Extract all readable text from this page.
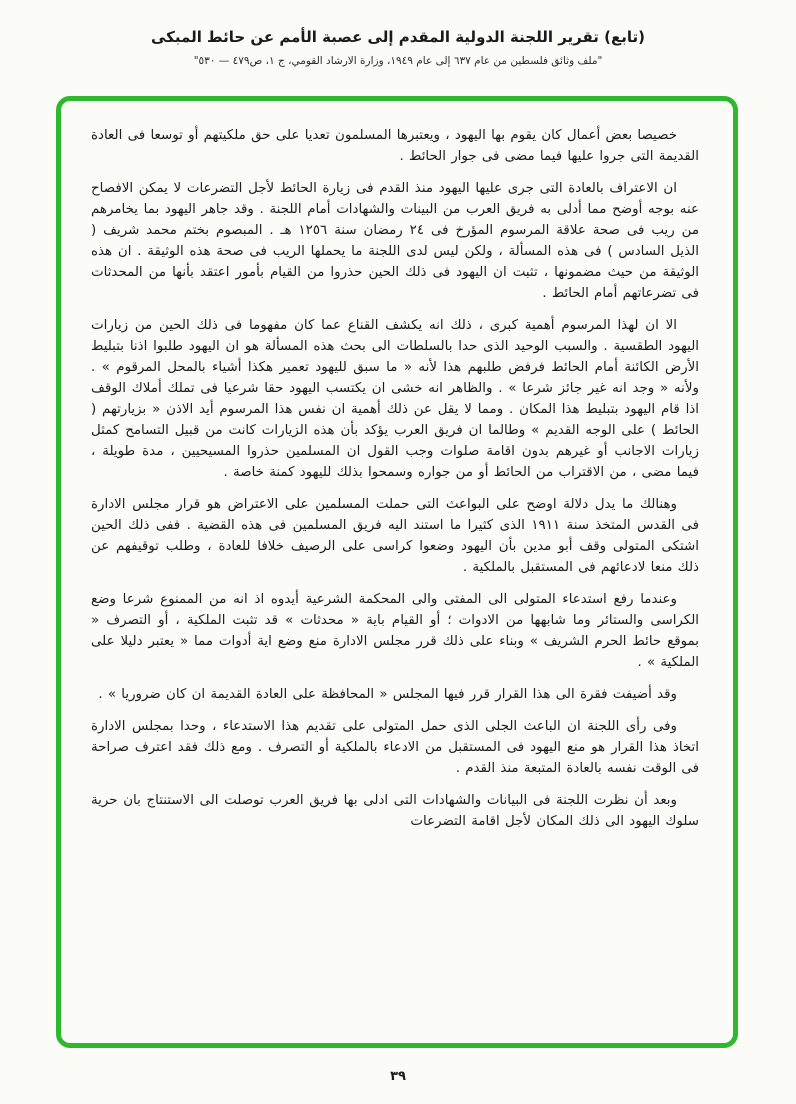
(تابع) تقرير اللجنة الدولية المقدم إلى عصبة الأمم عن حائط المبكى
"ملف وثائق فلسطين من عام ٦٣٧ إلى عام ١٩٤٩، وزارة الارشاد القومي، ج ١، ص٤٧٩ — ٥٣٠"

خصيصا بعض أعمال كان يقوم بها اليهود ، ويعتبرها المسلمون تعديا على حق ملكيتهم أو توسعا فى العادة القديمة التى جروا عليها فيما مضى فى جوار الحائط .

ان الاعتراف بالعادة التى جرى عليها اليهود منذ القدم فى زيارة الحائط لأجل التضرعات لا يمكن الافصاح عنه بوجه أوضح مما أدلى به فريق العرب من البينات والشهادات أمام اللجنة . وقد جاهر اليهود بما يخامرهم من ريب فى صحة علاقة المرسوم المؤرخ فى ٢٤ رمضان سنة ١٢٥٦ هـ . المبصوم بختم محمد شريف ( الذيل السادس ) فى هذه المسألة ، ولكن ليس لدى اللجنة ما يحملها الريب فى صحة هذه الوثيقة . ان هذه الوثيقة من حيث مضمونها ، تثبت ان اليهود فى ذلك الحين حذروا من القيام بأمور اعتقد بأنها من المحدثات فى تضرعاتهم أمام الحائط .

الا ان لهذا المرسوم أهمية كبرى ، ذلك انه يكشف القناع عما كان مفهوما فى ذلك الحين من زيارات اليهود الطقسية . والسبب الوحيد الذى حدا بالسلطات الى بحث هذه المسألة هو ان اليهود طلبوا اذنا بتبليط الأرض الكائنة أمام الحائط فرفض طلبهم هذا لأنه « ما سبق لليهود تعمير هكذا أشياء بالمحل المرقوم » . ولأنه « وجد انه غير جائز شرعا » . والظاهر انه خشى ان يكتسب اليهود حقا شرعيا فى تملك أملاك الوقف اذا قام اليهود بتبليط هذا المكان . ومما لا يقل عن ذلك أهمية ان نفس هذا المرسوم أيد الاذن « بزيارتهم ( الحائط ) على الوجه القديم » وطالما ان فريق العرب يؤكد بأن هذه الزيارات كانت من قبيل التسامح كمثل زيارات الاجانب أو غيرهم بدون اقامة صلوات وجب القول ان المسلمين حذروا المسيحيين ، مدة طويلة ، فيما مضى ، من الاقتراب من الحائط أو من جواره وسمحوا بذلك لليهود كمنة خاصة .

وهنالك ما يدل دلالة اوضح على البواعث التى حملت المسلمين على الاعتراض هو قرار مجلس الادارة فى القدس المتخذ سنة ١٩١١ الذى كثيرا ما استند اليه فريق المسلمين فى هذه القضية . ففى ذلك الحين اشتكى المتولى وقف أبو مدين بأن اليهود وضعوا كراسى على الرصيف خلافا للعادة ، وطلب توقيفهم عن ذلك منعا لادعائهم فى المستقبل بالملكية .

وعندما رفع استدعاء المتولى الى المفتى والى المحكمة الشرعية أيدوه اذ انه من الممنوع شرعا وضع الكراسى والستائر وما شابهها من الادوات ؛ أو القيام باية « محدثات » قد تثبت الملكية ، أو التصرف « بموقع حائط الحرم الشريف » وبناء على ذلك قرر مجلس الادارة منع وضع اية أدوات مما « يعتبر دليلا على الملكية » .

وقد أضيفت فقرة الى هذا القرار قرر فيها المجلس « المحافظة على العادة القديمة ان كان ضروريا » .

وفى رأى اللجنة ان الباعث الجلى الذى حمل المتولى على تقديم هذا الاستدعاء ، وحدا بمجلس الادارة اتخاذ هذا القرار هو منع اليهود فى المستقبل من الادعاء بالملكية أو التصرف . ومع ذلك فقد اعترف صراحة فى الوقت نفسه بالعادة المتبعة منذ القدم .

وبعد أن نظرت اللجنة فى البيانات والشهادات التى ادلى بها فريق العرب توصلت الى الاستنتاج بان حرية سلوك اليهود الى ذلك المكان لأجل اقامة التضرعات

٣٩
